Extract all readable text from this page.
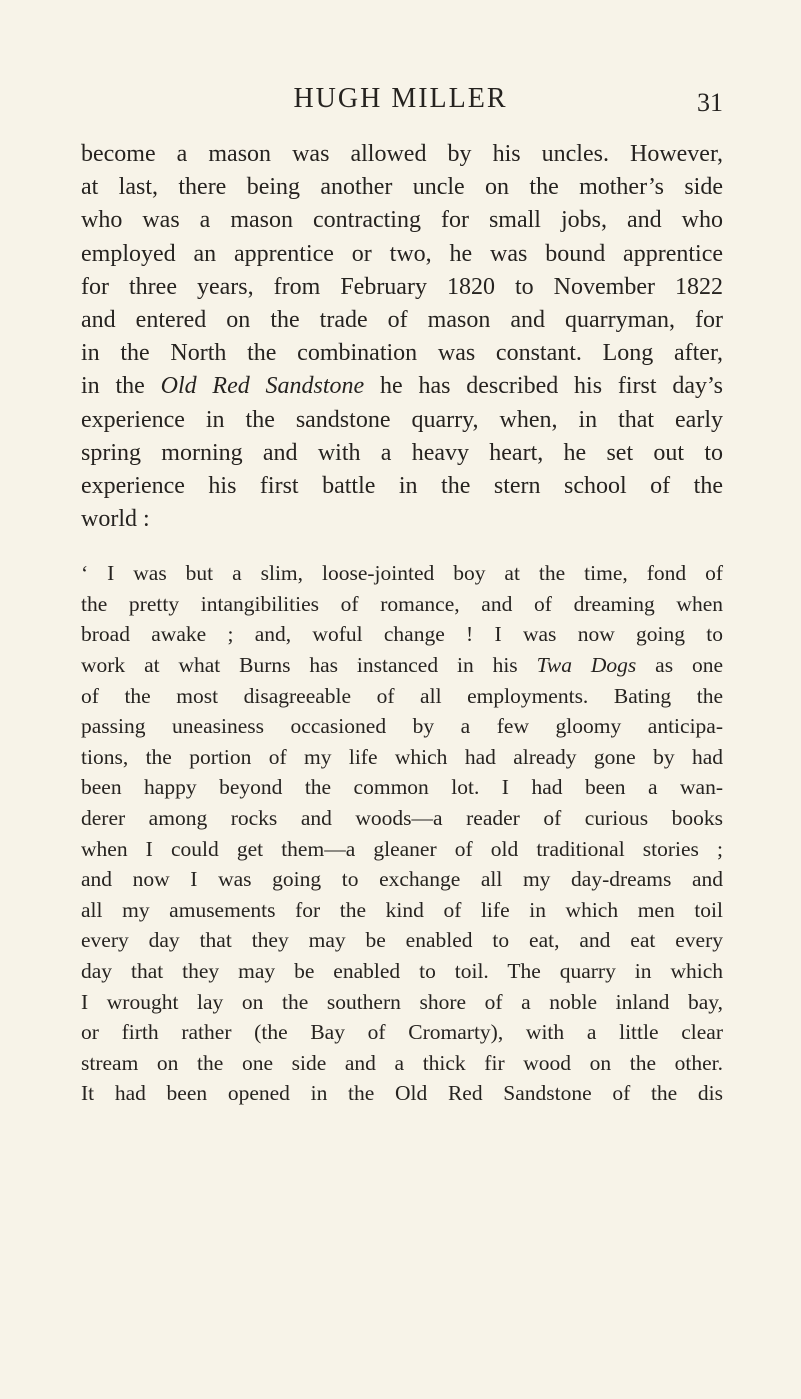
HUGH MILLER	31
become a mason was allowed by his uncles. However,
at last, there being another uncle on the mother’s side
who was a mason contracting for small jobs, and who
employed an apprentice or two, he was bound apprentice
for three years, from February 1820 to November 1822
and entered on the trade of mason and quarryman, for
in the North the combination was constant. Long after,
in the Old Red Sandstone he has described his first day’s
experience in the sandstone quarry, when, in that early
spring morning and with a heavy heart, he set out to
experience his first battle in the stern school of the
world :
‘ I was but a slim, loose-jointed boy at the time, fond of
the pretty intangibilities of romance, and of dreaming when
broad awake ; and, woful change ! I was now going to
work at what Burns has instanced in his Twa Dogs as one
of the most disagreeable of all employments. Bating the
passing uneasiness occasioned by a few gloomy anticipa-
tions, the portion of my life which had already gone by had
been happy beyond the common lot. I had been a wan-
derer among rocks and woods—a reader of curious books
when I could get them—a gleaner of old traditional stories ;
and now I was going to exchange all my day-dreams and
all my amusements for the kind of life in which men toil
every day that they may be enabled to eat, and eat every
day that they may be enabled to toil. The quarry in which
I wrought lay on the southern shore of a noble inland bay,
or firth rather (the Bay of Cromarty), with a little clear
stream on the one side and a thick fir wood on the other.
It had been opened in the Old Red Sandstone of the dis
